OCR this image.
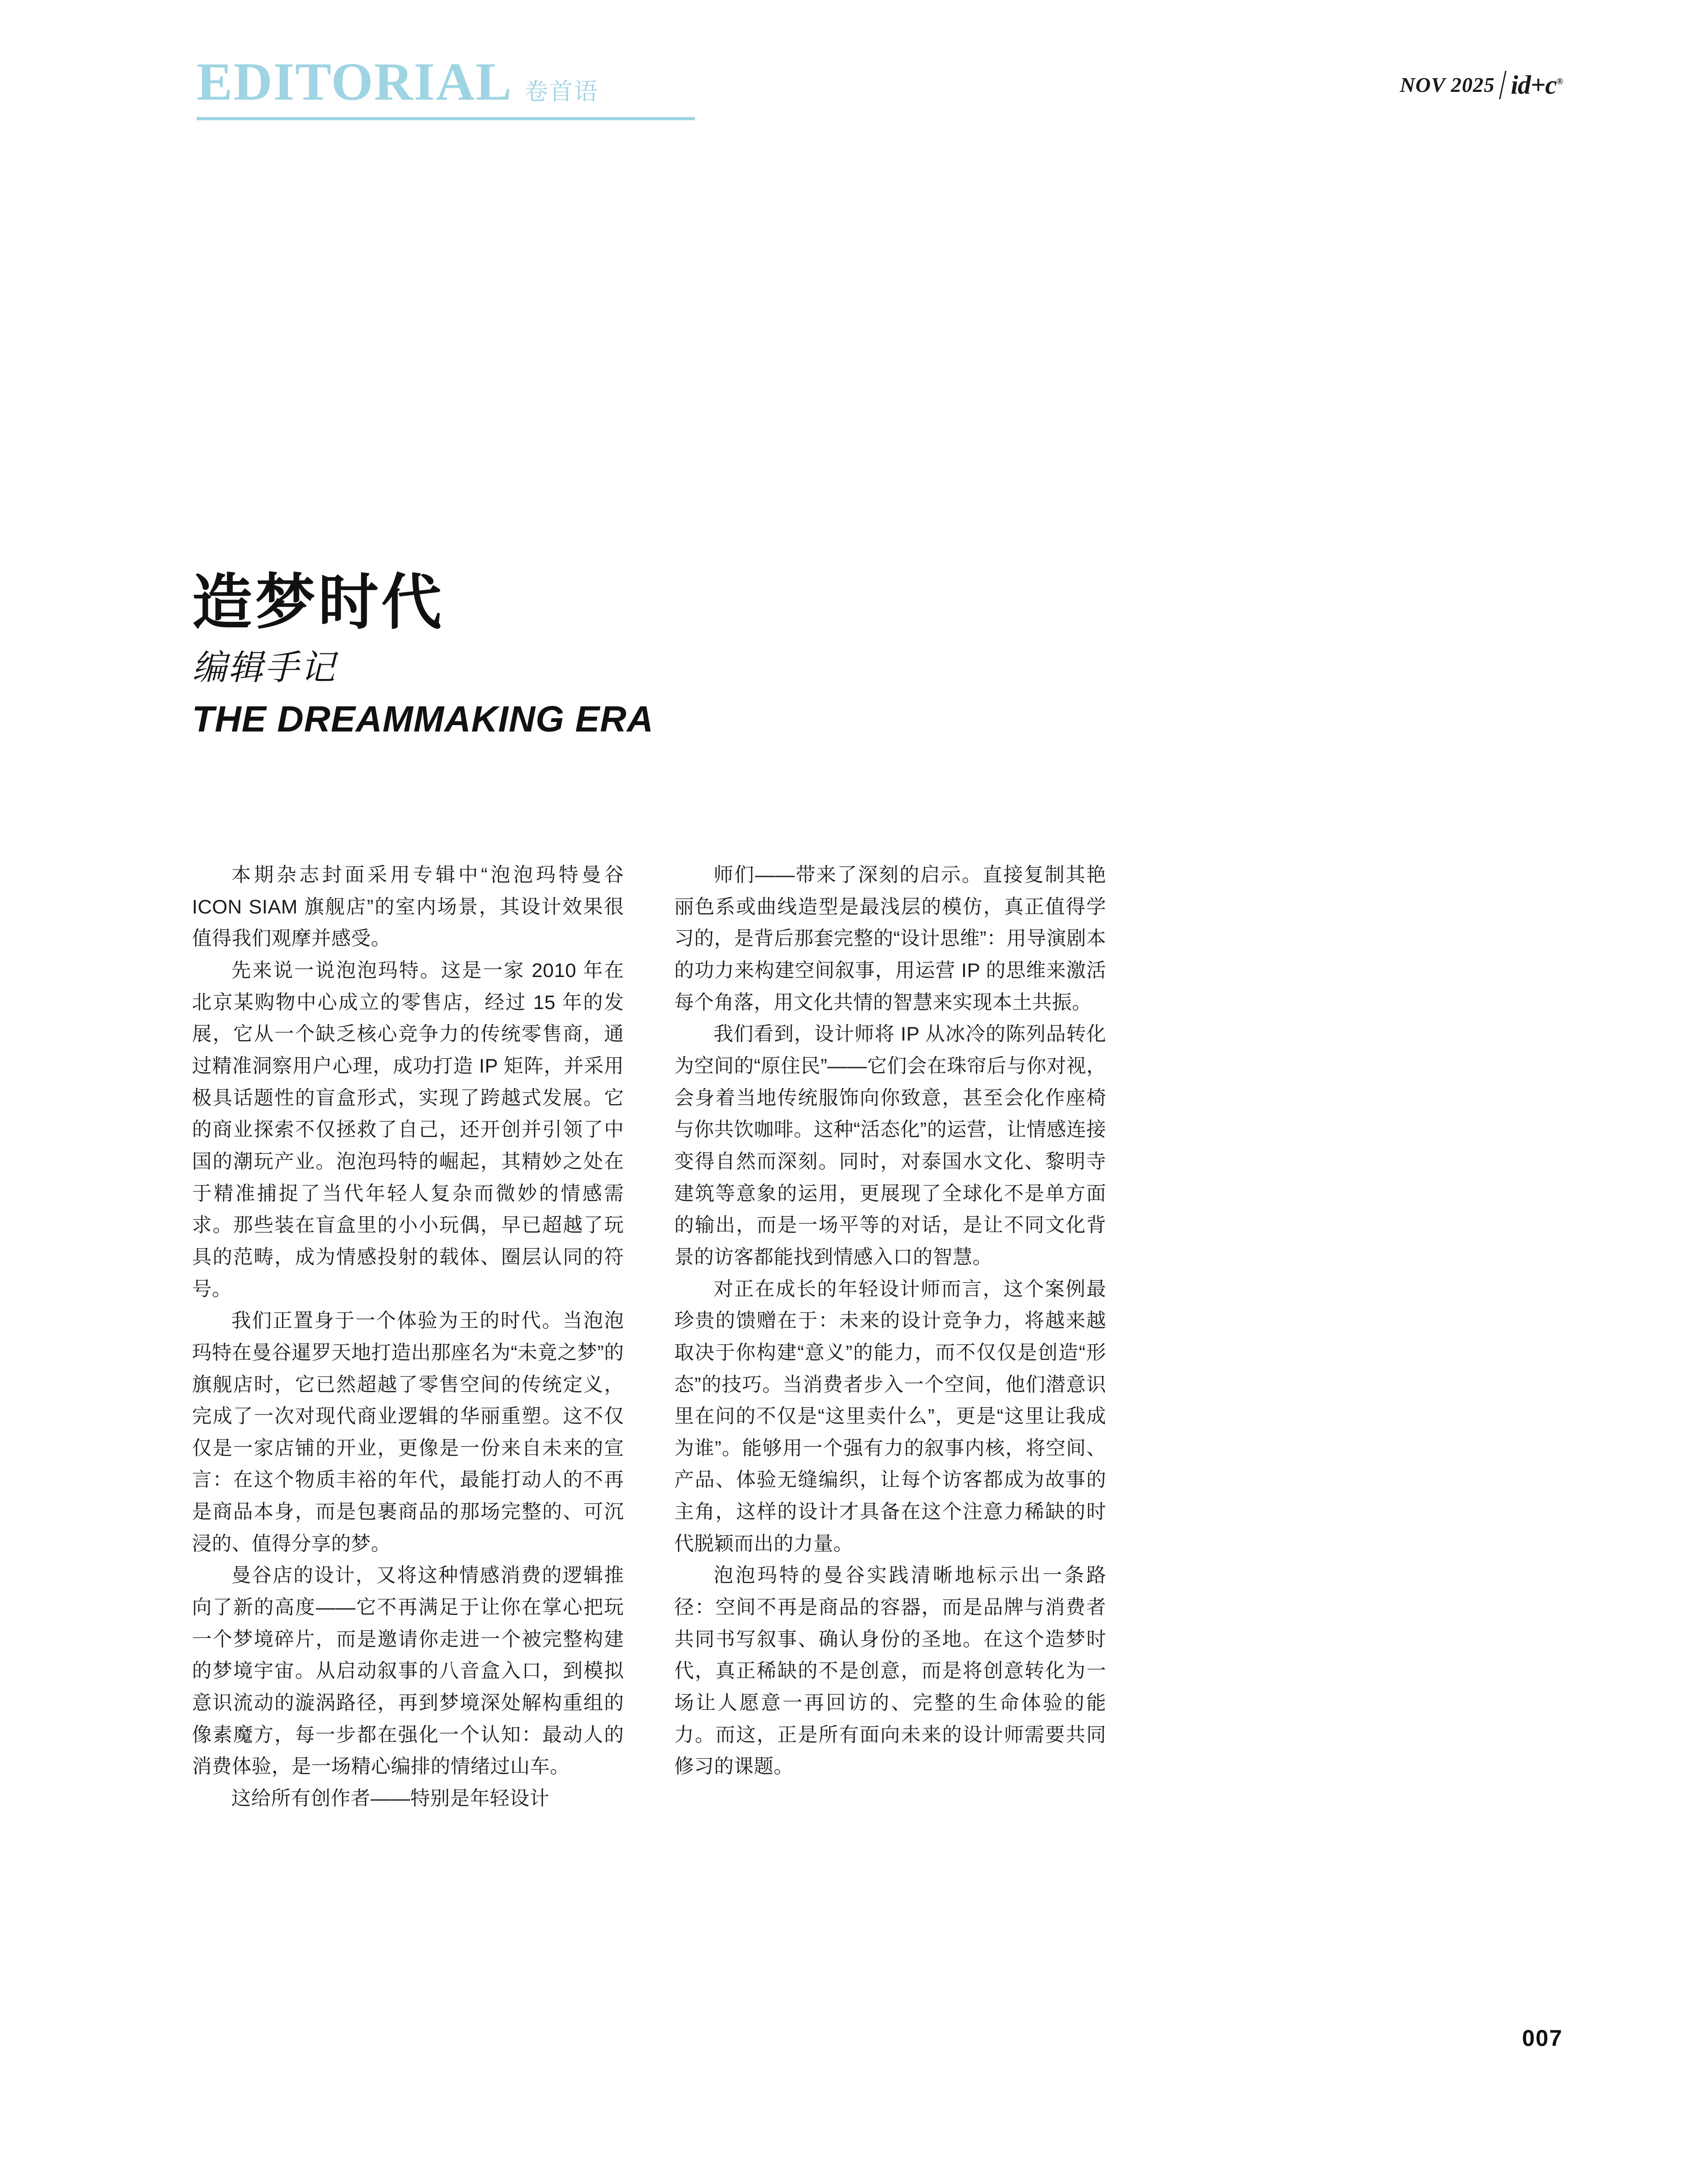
EDITORIAL 卷首语	NOV 2025 id+c®
造梦时代
编辑手记
THE DREAMMAKING ERA

本期杂志封面采用专辑中“泡泡玛特曼谷 ICON SIAM 旗舰店”的室内场景，其设计效果很值得我们观摩并感受。

先来说一说泡泡玛特。这是一家 2010 年在北京某购物中心成立的零售店，经过 15 年的发展，它从一个缺乏核心竞争力的传统零售商，通过精准洞察用户心理，成功打造 IP 矩阵，并采用极具话题性的盲盒形式，实现了跨越式发展。它的商业探索不仅拯救了自己，还开创并引领了中国的潮玩产业。泡泡玛特的崛起，其精妙之处在于精准捕捉了当代年轻人复杂而微妙的情感需求。那些装在盲盒里的小小玩偶，早已超越了玩具的范畴，成为情感投射的载体、圈层认同的符号。

我们正置身于一个体验为王的时代。当泡泡玛特在曼谷暹罗天地打造出那座名为“未竟之梦”的旗舰店时，它已然超越了零售空间的传统定义，完成了一次对现代商业逻辑的华丽重塑。这不仅仅是一家店铺的开业，更像是一份来自未来的宣言：在这个物质丰裕的年代，最能打动人的不再是商品本身，而是包裹商品的那场完整的、可沉浸的、值得分享的梦。

曼谷店的设计，又将这种情感消费的逻辑推向了新的高度——它不再满足于让你在掌心把玩一个梦境碎片，而是邀请你走进一个被完整构建的梦境宇宙。从启动叙事的八音盒入口，到模拟意识流动的漩涡路径，再到梦境深处解构重组的像素魔方，每一步都在强化一个认知：最动人的消费体验，是一场精心编排的情绪过山车。

这给所有创作者——特别是年轻设计

师们——带来了深刻的启示。直接复制其艳丽色系或曲线造型是最浅层的模仿，真正值得学习的，是背后那套完整的“设计思维”：用导演剧本的功力来构建空间叙事，用运营 IP 的思维来激活每个角落，用文化共情的智慧来实现本土共振。

我们看到，设计师将 IP 从冰冷的陈列品转化为空间的“原住民”——它们会在珠帘后与你对视，会身着当地传统服饰向你致意，甚至会化作座椅与你共饮咖啡。这种“活态化”的运营，让情感连接变得自然而深刻。同时，对泰国水文化、黎明寺建筑等意象的运用，更展现了全球化不是单方面的输出，而是一场平等的对话，是让不同文化背景的访客都能找到情感入口的智慧。

对正在成长的年轻设计师而言，这个案例最珍贵的馈赠在于：未来的设计竞争力，将越来越取决于你构建“意义”的能力，而不仅仅是创造“形态”的技巧。当消费者步入一个空间，他们潜意识里在问的不仅是“这里卖什么”，更是“这里让我成为谁”。能够用一个强有力的叙事内核，将空间、产品、体验无缝编织，让每个访客都成为故事的主角，这样的设计才具备在这个注意力稀缺的时代脱颖而出的力量。

泡泡玛特的曼谷实践清晰地标示出一条路径：空间不再是商品的容器，而是品牌与消费者共同书写叙事、确认身份的圣地。在这个造梦时代，真正稀缺的不是创意，而是将创意转化为一场让人愿意一再回访的、完整的生命体验的能力。而这，正是所有面向未来的设计师需要共同修习的课题。

007
